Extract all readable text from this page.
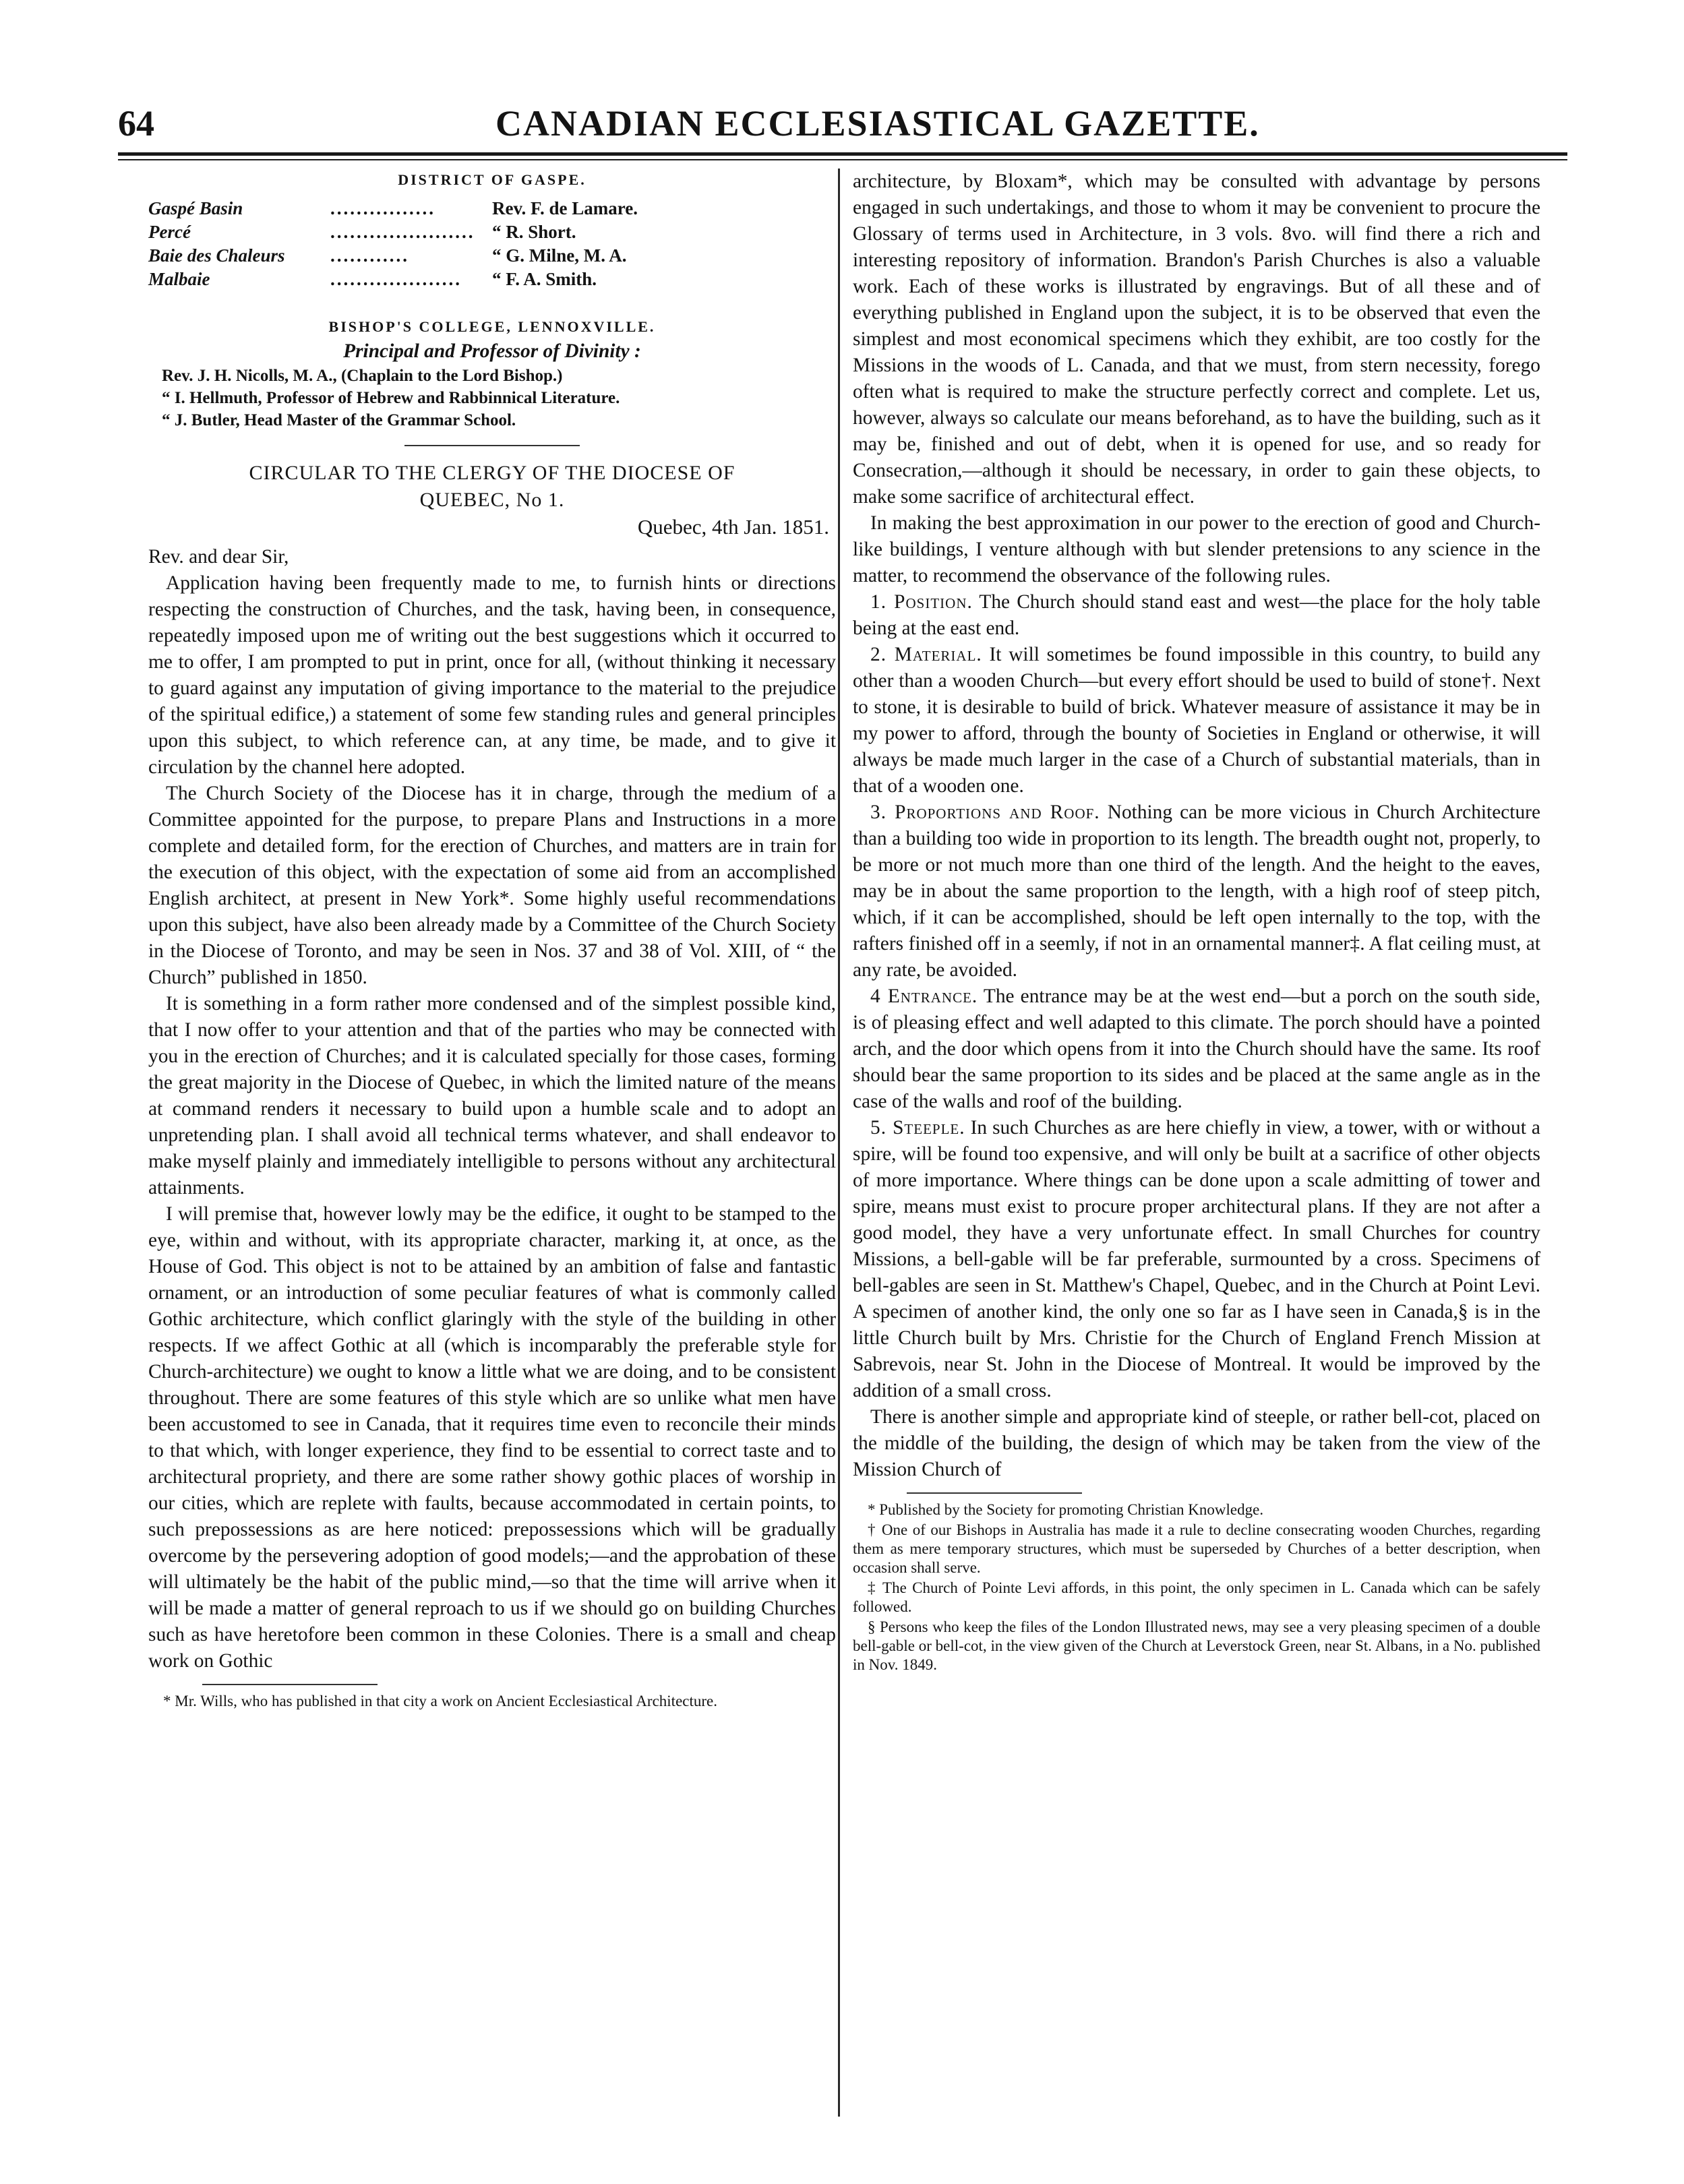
64	CANADIAN ECCLESIASTICAL GAZETTE.

DISTRICT OF GASPE.

Gaspé Basin	................	Rev. F. de Lamare.
Percé	...................... “ R. Short.
Baie des Chaleurs	............	“ G. Milne, M. A.
Malbaie	....................	“ F. A. Smith.

BISHOP'S COLLEGE, LENNOXVILLE.

Principal and Professor of Divinity :

Rev. J. H. Nicolls, M. A., (Chaplain to the Lord Bishop.)
“ I. Hellmuth, Professor of Hebrew and Rabbinnical Literature.
“ J. Butler, Head Master of the Grammar School.

CIRCULAR TO THE CLERGY OF THE DIOCESE OF

QUEBEC, No 1.

Quebec, 4th Jan. 1851.

Rev. and dear Sir,

Application having been frequently made to me, to furnish hints or directions respecting the construction of Churches, and the task, having been, in consequence, repeatedly imposed upon me of writing out the best suggestions which it occurred to me to offer, I am prompted to put in print, once for all, (without thinking it necessary to guard against any imputation of giving importance to the material to the prejudice of the spiritual edifice,) a statement of some few standing rules and general principles upon this subject, to which reference can, at any time, be made, and to give it circulation by the channel here adopted.

The Church Society of the Diocese has it in charge, through the medium of a Committee appointed for the purpose, to prepare Plans and Instructions in a more complete and detailed form, for the erection of Churches, and matters are in train for the execution of this object, with the expectation of some aid from an accomplished English architect, at present in New York*. Some highly useful recommendations upon this subject, have also been already made by a Committee of the Church Society in the Diocese of Toronto, and may be seen in Nos. 37 and 38 of Vol. XIII, of “ the Church” published in 1850.

It is something in a form rather more condensed and of the simplest possible kind, that I now offer to your attention and that of the parties who may be connected with you in the erection of Churches; and it is calculated specially for those cases, forming the great majority in the Diocese of Quebec, in which the limited nature of the means at command renders it necessary to build upon a humble scale and to adopt an unpretending plan. I shall avoid all technical terms whatever, and shall endeavor to make myself plainly and immediately intelligible to persons without any architectural attainments.

I will premise that, however lowly may be the edifice, it ought to be stamped to the eye, within and without, with its appropriate character, marking it, at once, as the House of God. This object is not to be attained by an ambition of false and fantastic ornament, or an introduction of some peculiar features of what is commonly called Gothic architecture, which conflict glaringly with the style of the building in other respects. If we affect Gothic at all (which is incomparably the preferable style for Church-architecture) we ought to know a little what we are doing, and to be consistent throughout. There are some features of this style which are so unlike what men have been accustomed to see in Canada, that it requires time even to reconcile their minds to that which, with longer experience, they find to be essential to correct taste and to architectural propriety, and there are some rather showy gothic places of worship in our cities, which are replete with faults, because accommodated in certain points, to such prepossessions as are here noticed: prepossessions which will be gradually overcome by the persevering adoption of good models;—and the approbation of these will ultimately be the habit of the public mind,—so that the time will arrive when it will be made a matter of general reproach to us if we should go on building Churches such as have heretofore been common in these Colonies. There is a small and cheap work on Gothic

* Mr. Wills, who has published in that city a work on Ancient Ecclesiastical Architecture.

architecture, by Bloxam*, which may be consulted with advantage by persons engaged in such undertakings, and those to whom it may be convenient to procure the Glossary of terms used in Architecture, in 3 vols. 8vo. will find there a rich and interesting repository of information. Brandon's Parish Churches is also a valuable work. Each of these works is illustrated by engravings. But of all these and of everything published in England upon the subject, it is to be observed that even the simplest and most economical specimens which they exhibit, are too costly for the Missions in the woods of L. Canada, and that we must, from stern necessity, forego often what is required to make the structure perfectly correct and complete. Let us, however, always so calculate our means beforehand, as to have the building, such as it may be, finished and out of debt, when it is opened for use, and so ready for Consecration,—although it should be necessary, in order to gain these objects, to make some sacrifice of architectural effect.

In making the best approximation in our power to the erection of good and Church-like buildings, I venture although with but slender pretensions to any science in the matter, to recommend the observance of the following rules.

1. Position. The Church should stand east and west—the place for the holy table being at the east end.

2. Material. It will sometimes be found impossible in this country, to build any other than a wooden Church—but every effort should be used to build of stone†. Next to stone, it is desirable to build of brick. Whatever measure of assistance it may be in my power to afford, through the bounty of Societies in England or otherwise, it will always be made much larger in the case of a Church of substantial materials, than in that of a wooden one.

3. Proportions and Roof. Nothing can be more vicious in Church Architecture than a building too wide in proportion to its length. The breadth ought not, properly, to be more or not much more than one third of the length. And the height to the eaves, may be in about the same proportion to the length, with a high roof of steep pitch, which, if it can be accomplished, should be left open internally to the top, with the rafters finished off in a seemly, if not in an ornamental manner‡. A flat ceiling must, at any rate, be avoided.

4 Entrance. The entrance may be at the west end—but a porch on the south side, is of pleasing effect and well adapted to this climate. The porch should have a pointed arch, and the door which opens from it into the Church should have the same. Its roof should bear the same proportion to its sides and be placed at the same angle as in the case of the walls and roof of the building.

5. Steeple. In such Churches as are here chiefly in view, a tower, with or without a spire, will be found too expensive, and will only be built at a sacrifice of other objects of more importance. Where things can be done upon a scale admitting of tower and spire, means must exist to procure proper architectural plans. If they are not after a good model, they have a very unfortunate effect. In small Churches for country Missions, a bell-gable will be far preferable, surmounted by a cross. Specimens of bell-gables are seen in St. Matthew's Chapel, Quebec, and in the Church at Point Levi. A specimen of another kind, the only one so far as I have seen in Canada,§ is in the little Church built by Mrs. Christie for the Church of England French Mission at Sabrevois, near St. John in the Diocese of Montreal. It would be improved by the addition of a small cross.

There is another simple and appropriate kind of steeple, or rather bell-cot, placed on the middle of the building, the design of which may be taken from the view of the Mission Church of

* Published by the Society for promoting Christian Knowledge.

† One of our Bishops in Australia has made it a rule to decline consecrating wooden Churches, regarding them as mere temporary structures, which must be superseded by Churches of a better description, when occasion shall serve.

‡ The Church of Pointe Levi affords, in this point, the only specimen in L. Canada which can be safely followed.

§ Persons who keep the files of the London Illustrated news, may see a very pleasing specimen of a double bell-gable or bell-cot, in the view given of the Church at Leverstock Green, near St. Albans, in a No. published in Nov. 1849.
